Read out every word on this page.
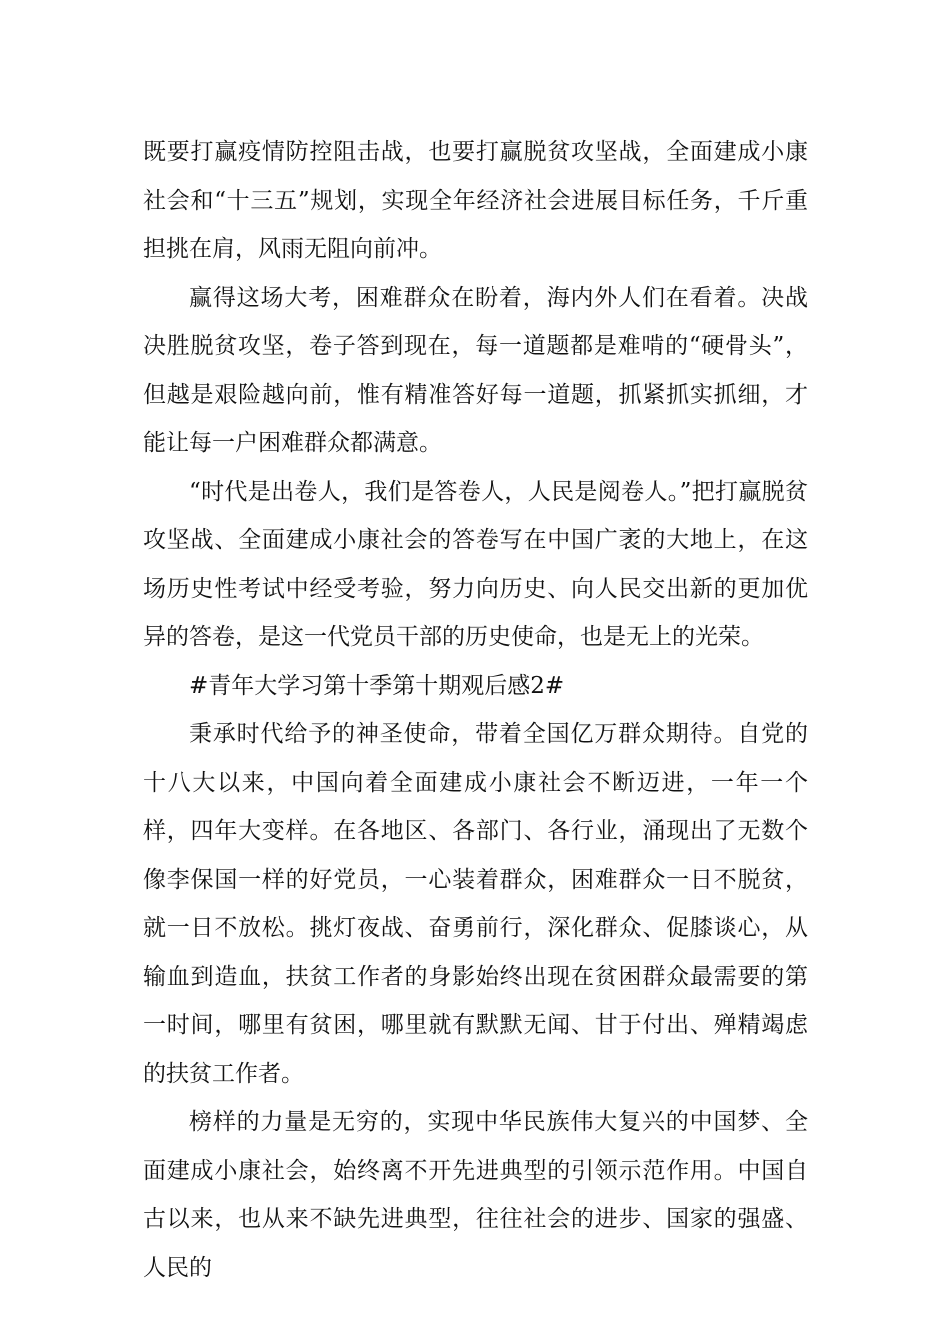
既要打赢疫情防控阻击战，也要打赢脱贫攻坚战，全面建成小康社会和“十三五”规划，实现全年经济社会进展目标任务，千斤重担挑在肩，风雨无阻向前冲。

赢得这场大考，困难群众在盼着，海内外人们在看着。决战决胜脱贫攻坚，卷子答到现在，每一道题都是难啃的“硬骨头”，但越是艰险越向前，惟有精准答好每一道题，抓紧抓实抓细，才能让每一户困难群众都满意。

“时代是出卷人，我们是答卷人，人民是阅卷人。”把打赢脱贫攻坚战、全面建成小康社会的答卷写在中国广袤的大地上，在这场历史性考试中经受考验，努力向历史、向人民交出新的更加优异的答卷，是这一代党员干部的历史使命，也是无上的光荣。

#青年大学习第十季第十期观后感2#

秉承时代给予的神圣使命，带着全国亿万群众期待。自党的十八大以来，中国向着全面建成小康社会不断迈进，一年一个样，四年大变样。在各地区、各部门、各行业，涌现出了无数个像李保国一样的好党员，一心装着群众，困难群众一日不脱贫，就一日不放松。挑灯夜战、奋勇前行，深化群众、促膝谈心，从输血到造血，扶贫工作者的身影始终出现在贫困群众最需要的第一时间，哪里有贫困，哪里就有默默无闻、甘于付出、殚精竭虑的扶贫工作者。

榜样的力量是无穷的，实现中华民族伟大复兴的中国梦、全面建成小康社会，始终离不开先进典型的引领示范作用。中国自古以来，也从来不缺先进典型，往往社会的进步、国家的强盛、人民的
